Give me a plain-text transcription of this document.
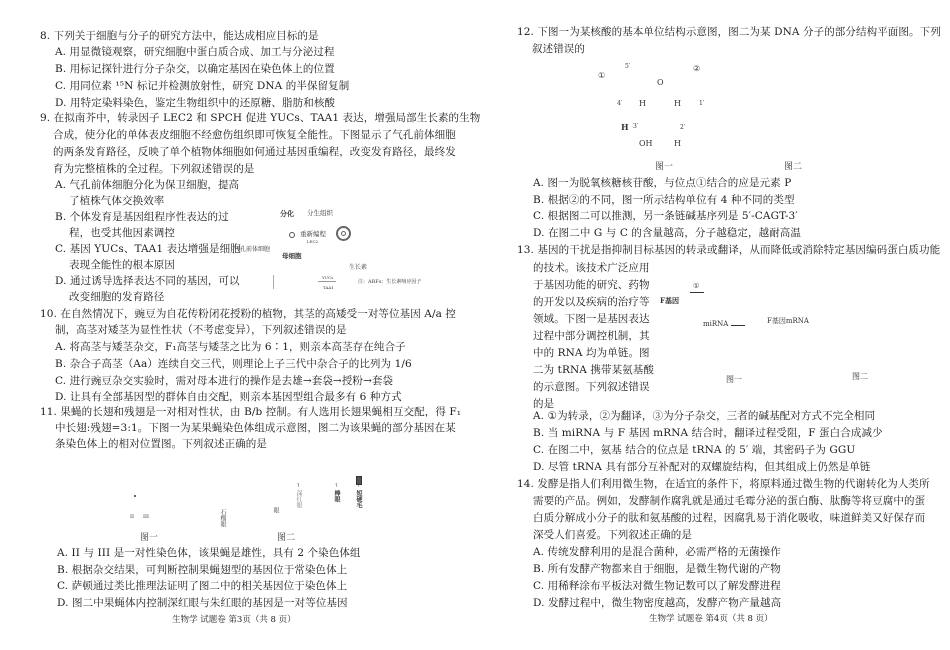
8. 下列关于细胞与分子的研究方法中，能达成相应目标的是
A. 用显微镜观察，研究细胞中蛋白质合成、加工与分泌过程
B. 用标记探针进行分子杂交，以确定基因在染色体上的位置
C. 用同位素 ¹⁵N 标记并检测放射性，研究 DNA 的半保留复制
D. 用特定染料染色，鉴定生物组织中的还原糖、脂肪和核酸
9. 在拟南芥中，转录因子 LEC2 和 SPCH 促进 YUCs、TAA1 表达，增强局部生长素的生物
合成，使分化的单体表皮细胞不经愈伤组织即可恢复全能性。下图显示了气孔前体细胞
的两条发育路径，反映了单个植物体细胞如何通过基因重编程，改变发育路径，最终发
育为完整植株的全过程。下列叙述错误的是
A. 气孔前体细胞分化为保卫细胞，提高
了植株气体交换效率
B. 个体发育是基因组程序性表达的过
程，也受其他因素调控
C. 基因 YUCs、TAA1 表达增强是细胞
表现全能性的根本原因
D. 通过诱导选择表达不同的基因，可以
改变细胞的发育路径
分化 分生组织
重新编程
LEC2
气孔前体细胞
母细胞
生长素
YUCs
TAA1
注：ARFs：生长素响应因子
10. 在自然情况下，豌豆为自花传粉闭花授粉的植物，其茎的高矮受一对等位基因 A/a 控
制，高茎对矮茎为显性性状（不考虑变异），下列叙述错误的是
A. 将高茎与矮茎杂交，F₁高茎与矮茎之比为 6∶1，则亲本高茎存在纯合子
B. 杂合子高茎（Aa）连续自交三代，则理论上子三代中杂合子的比列为 1/6
C. 进行豌豆杂交实验时，需对母本进行的操作是去雄→套袋→授粉→套袋
D. 让具有全部基因型的群体自由交配，则亲本基因型组合最多有 6 种方式
11. 果蝇的长翅和残翅是一对相对性状，由 B/b 控制。有人选用长翅果蝇相互交配，得 F₁
中长翅:残翅=3:1。下图一为某果蝇染色体组成示意图，图二为该果蝇的部分基因在某
条染色体上的相对位置图。下列叙述正确的是
II III
图一
石榴眼	眼
↑
深红眼
↑
棒眼
↑
短硬毛
图二
A. II 与 III 是一对性染色体，该果蝇是雄性，具有 2 个染色体组
B. 根据杂交结果，可判断控制果蝇翅型的基因位于常染色体上
C. 萨顿通过类比推理法证明了图二中的相关基因位于染色体上
D. 图二中果蝇体内控制深红眼与朱红眼的基因是一对等位基因
生物学 试题卷 第3页（共 8 页）
12. 下图一为某核酸的基本单位结构示意图，图二为某 DNA 分子的部分结构平面图。下列
叙述错误的
①
5′	②
O
4′ H	H	1′
H 3′	2′
OH	H
图一	图二
A. 图一为脱氧核糖核苷酸，与位点①结合的应是元素 P
B. 根据②的不同，图一所示结构单位有 4 种不同的类型
C. 根据图二可以推测，另一条链碱基序列是 5′-CAGT-3′
D. 在图二中 G 与 C 的含量越高，分子越稳定，越耐高温
13. 基因的干扰是指抑制目标基因的转录或翻译，从而降低或消除特定基因编码蛋白质功能
的技术。该技术广泛应用
于基因功能的研究、药物
的开发以及疾病的治疗等
领域。下图一是基因表达
过程中部分调控机制，其
中的 RNA 均为单链。图
二为 tRNA 携带某氨基酸
的示意图。下列叙述错误
的是
①
F基因
miRNA	F基因mRNA
图一	图二
A. ①为转录，②为翻译，③为分子杂交，三者的碱基配对方式不完全相同
B. 当 miRNA 与 F 基因 mRNA 结合时，翻译过程受阻，F 蛋白合成减少
C. 在图二中，氨基 结合的位点是 tRNA 的 5′ 端，其密码子为 GGU
D. 尽管 tRNA 具有部分互补配对的双螺旋结构，但其组成上仍然是单链
14. 发酵是指人们利用微生物，在适宜的条件下，将原料通过微生物的代谢转化为人类所
需要的产品。例如，发酵制作腐乳就是通过毛霉分泌的蛋白酶、肽酶等将豆腐中的蛋
白质分解成小分子的肽和氨基酸的过程，因腐乳易于消化吸收，味道鲜美又好保存而
深受人们喜爱。下列叙述正确的是
A. 传统发酵利用的是混合菌种，必需严格的无菌操作
B. 所有发酵产物都来自于细胞，是微生物代谢的产物
C. 用稀释涂布平板法对微生物记数可以了解发酵进程
D. 发酵过程中，微生物密度越高，发酵产物产量越高
生物学 试题卷 第4页（共 8 页）
